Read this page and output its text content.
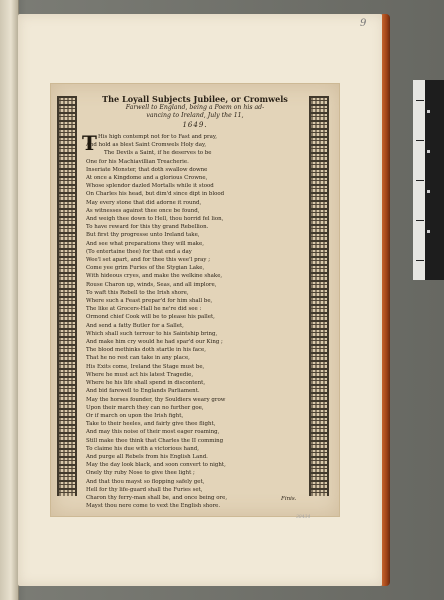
9
The Loyall Subjects Jubilee, or Cromwels
Farwell to England, being a Poem on his ad-
vancing to Ireland, July the 11,
1649.
T His high contempt not for to Fast and pray,
And hold as blest Saint Cromwels Holy day,
The Devils a Saint, if he deserves to be
One for his Machiavillian Treacherie.
Inseriate Monster, that doth swallow downe
At once a Kingdome and a glorious Crowne,
Whose splendor dazled Mortalls while it stood
On Charles his head, but dim'd since dipt in blood
May every stone that did adorne it round,
As witnesses against thee once be found,
And weigh thee down to Hell, thou horrid fel lion,
To have reward for this thy grand Rebellion.
But first thy progresse unto Ireland take,
And see what preparations they will make,
(To entertaine thee) for that end a day
Wee'l set apart, and for thee this wee'l pray ;
Come yee grim Furies of the Stygian Lake,
With hideous cryes, and make the welkine shake,
Rouse Charon up, winds, Seas, and all implore,
To waft this Rebell to the Irish shore,
Where such a Feast prepar'd for him shall be,
The like at Grocers-Hall he ne're did see :
Ormond chief Cook will be to please his pallet,
And send a fatty Butler for a Sallet,
Which shall such terrour to his Saintship bring,
And make him cry would he had spar'd our King ;
The blood methinks doth startle in his face,
That he no rest can take in any place,
His Exits come, Ireland the Stage must be,
Where he must act his latest Tragedie,
Where he his life shall spend in discontent,
And bid farewell to Englands Parliament.
May the horses founder, thy Souldiers weary grow
Upon their march they can no further goe,
Or if march on upon the Irish fight,
Take to their heeles, and fairly give thee flight,
And may this noise of their most eager roaming,
Still make thee think that Charles the II comming
To claime his due with a victorious hand,
And purge all Rebels from his English Land.
May the day look black, and soon convert to night,
Onely thy ruby Nose to give thee light ;
And that thou mayst so flopping safely get,
Hell for thy life-guard shall the Furies set,
Charon thy ferry-man shall be, and once being ore,
Mayst thou nere come to vext the English shore.
Finis.
38434
